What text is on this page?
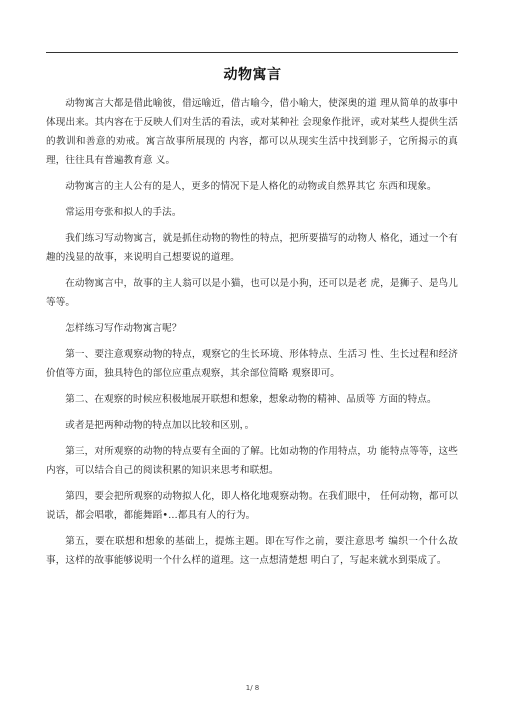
动物寓言

动物寓言大都是借此喻彼，借远喻近，借古喻今，借小喻大，使深奥的道 理从简单的故事中体现出来。其内容在于反映人们对生活的看法，或对某种社 会现象作批评，或对某些人提供生活的教训和善意的劝戒。寓言故事所展现的 内容，都可以从现实生活中找到影子，它所揭示的真理，往往具有普遍教育意 义。

动物寓言的主人公有的是人，更多的情况下是人格化的动物或自然界其它 东西和现象。

常运用夸张和拟人的手法。

我们练习写动物寓言，就是抓住动物的物性的特点，把所要描写的动物人 格化，通过一个有趣的浅显的故事，来说明自己想要说的道理。

在动物寓言中，故事的主人翁可以是小猫，也可以是小狗，还可以是老 虎，是狮子、是鸟儿等等。

怎样练习写作动物寓言呢？

第一、要注意观察动物的特点，观察它的生长环境、形体特点、生活习 性、生长过程和经济价值等方面，独具特色的部位应重点观察，其余部位简略 观察即可。

第二、在观察的时候应积极地展开联想和想象，想象动物的精神、品质等 方面的特点。

或者是把两种动物的特点加以比较和区别，。

第三，对所观察的动物的特点要有全面的了解。比如动物的作用特点，功 能特点等等，这些内容，可以结合自己的阅读积累的知识来思考和联想。

第四，要会把所观察的动物拟人化，即人格化地观察动物。在我们眼中， 任何动物，都可以说话，都会唱歌，都能舞蹈•…都具有人的行为。

第五，要在联想和想象的基础上，提炼主题。即在写作之前，要注意思考 编织一个什么故事，这样的故事能够说明一个什么样的道理。这一点想清楚想 明白了，写起来就水到渠成了。

1/ 8
